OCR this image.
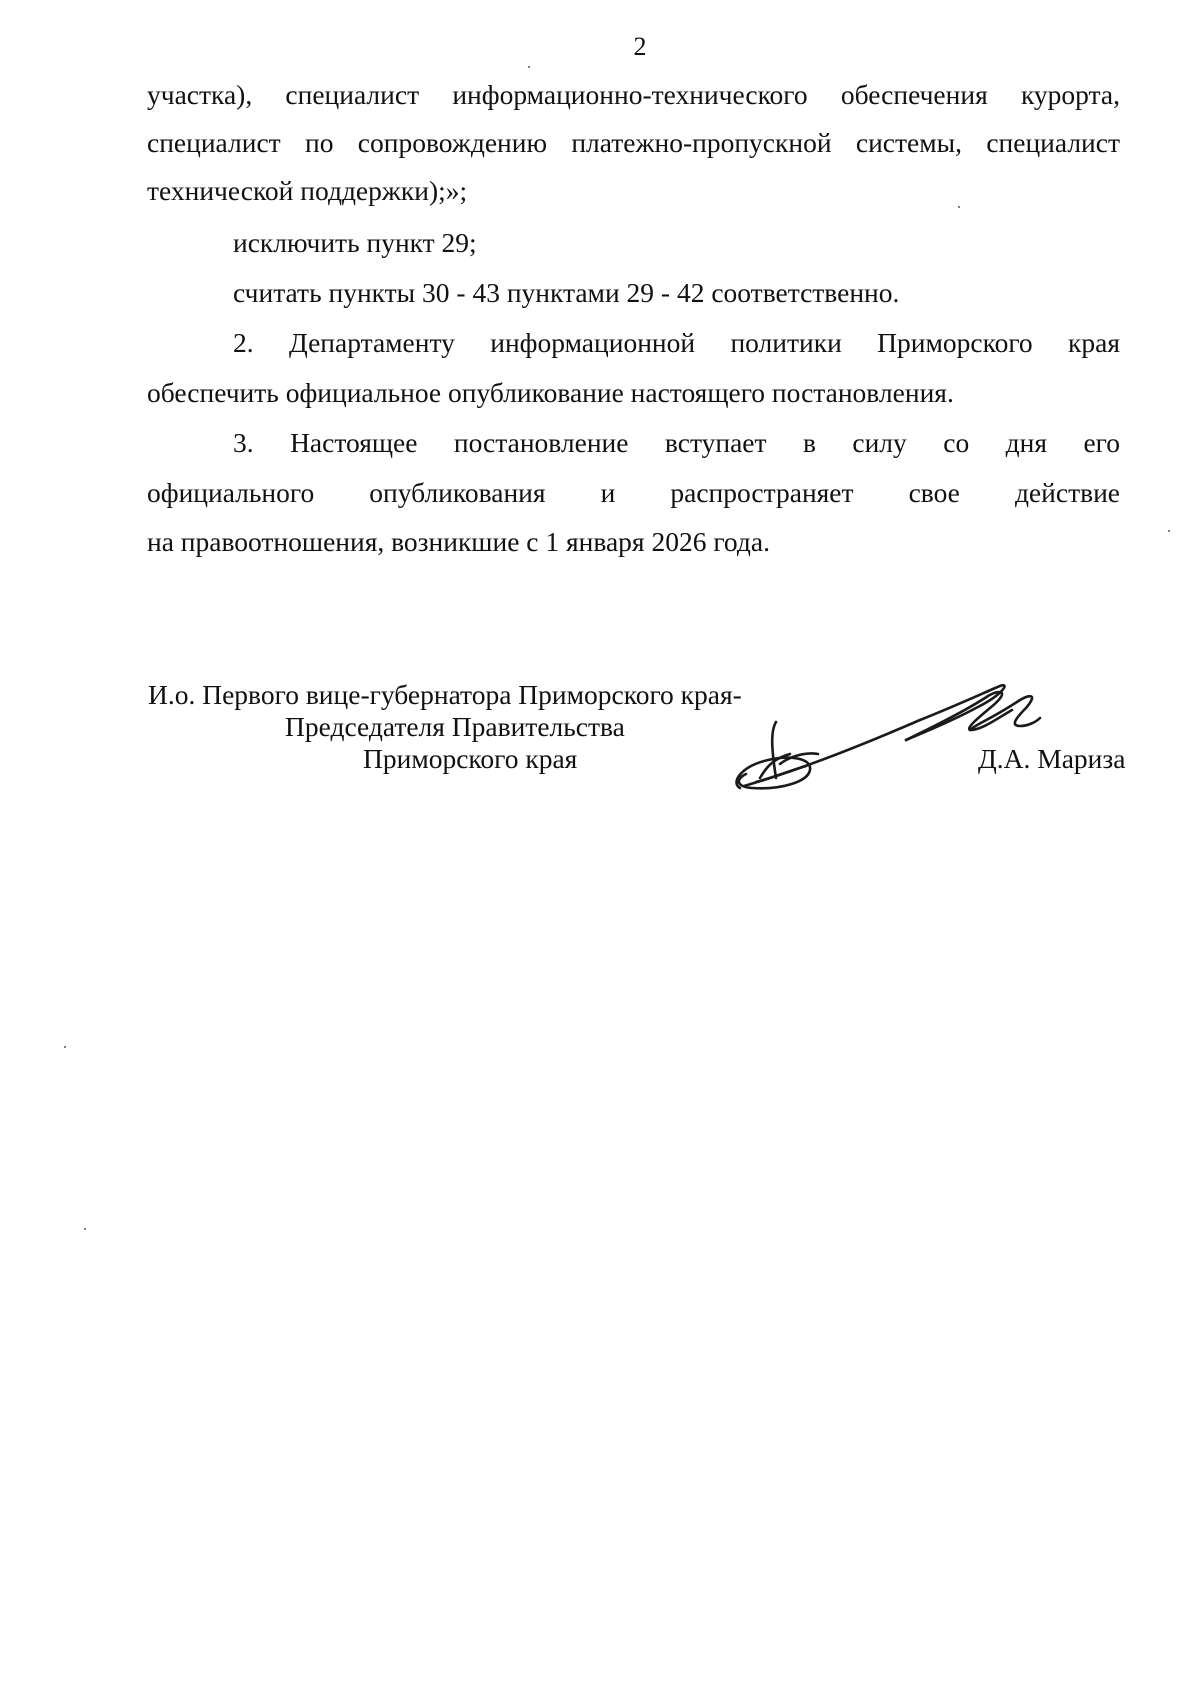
2
участка), специалист информационно-технического обеспечения курорта,
специалист по сопровождению платежно-пропускной системы, специалист
технической поддержки);»;
исключить пункт 29;
считать пункты 30 - 43 пунктами 29 - 42 соответственно.
2. Департаменту информационной политики Приморского края
обеспечить официальное опубликование настоящего постановления.
3. Настоящее постановление вступает в силу со дня его
официального опубликования и распространяет свое действие
на правоотношения, возникшие с 1 января 2026 года.
И.о. Первого вице-губернатора Приморского края-
Председателя Правительства
Приморского края	Д.А. Мариза
